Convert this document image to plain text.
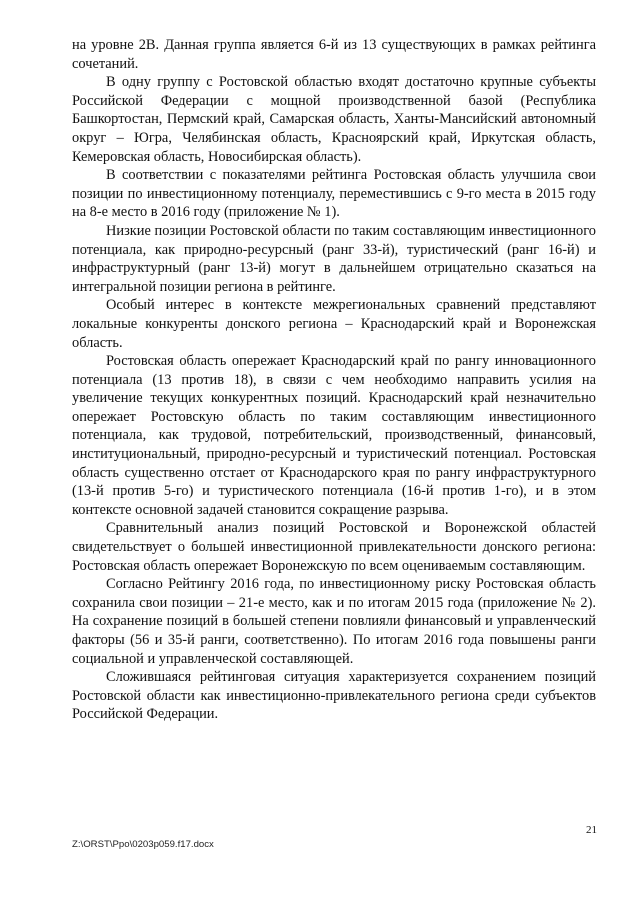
на уровне 2В. Данная группа является 6-й из 13 существующих в рамках рейтинга сочетаний.

В одну группу с Ростовской областью входят достаточно крупные субъекты Российской Федерации с мощной производственной базой (Республика Башкортостан, Пермский край, Самарская область, Ханты-Мансийский автономный округ – Югра, Челябинская область, Красноярский край, Иркутская область, Кемеровская область, Новосибирская область).

В соответствии с показателями рейтинга Ростовская область улучшила свои позиции по инвестиционному потенциалу, переместившись с 9-го места в 2015 году на 8-е место в 2016 году (приложение № 1).

Низкие позиции Ростовской области по таким составляющим инвестиционного потенциала, как природно-ресурсный (ранг 33-й), туристический (ранг 16-й) и инфраструктурный (ранг 13-й) могут в дальнейшем отрицательно сказаться на интегральной позиции региона в рейтинге.

Особый интерес в контексте межрегиональных сравнений представляют локальные конкуренты донского региона – Краснодарский край и Воронежская область.

Ростовская область опережает Краснодарский край по рангу инновационного потенциала (13 против 18), в связи с чем необходимо направить усилия на увеличение текущих конкурентных позиций. Краснодарский край незначительно опережает Ростовскую область по таким составляющим инвестиционного потенциала, как трудовой, потребительский, производственный, финансовый, институциональный, природно-ресурсный и туристический потенциал. Ростовская область существенно отстает от Краснодарского края по рангу инфраструктурного (13-й против 5-го) и туристического потенциала (16-й против 1-го), и в этом контексте основной задачей становится сокращение разрыва.

Сравнительный анализ позиций Ростовской и Воронежской областей свидетельствует о большей инвестиционной привлекательности донского региона: Ростовская область опережает Воронежскую по всем оцениваемым составляющим.

Согласно Рейтингу 2016 года, по инвестиционному риску Ростовская область сохранила свои позиции – 21-е место, как и по итогам 2015 года (приложение № 2). На сохранение позиций в большей степени повлияли финансовый и управленческий факторы (56 и 35-й ранги, соответственно). По итогам 2016 года повышены ранги социальной и управленческой составляющей.

Сложившаяся рейтинговая ситуация характеризуется сохранением позиций Ростовской области как инвестиционно-привлекательного региона среди субъектов Российской Федерации.

21
Z:\ORST\Ppo\0203p059.f17.docx
